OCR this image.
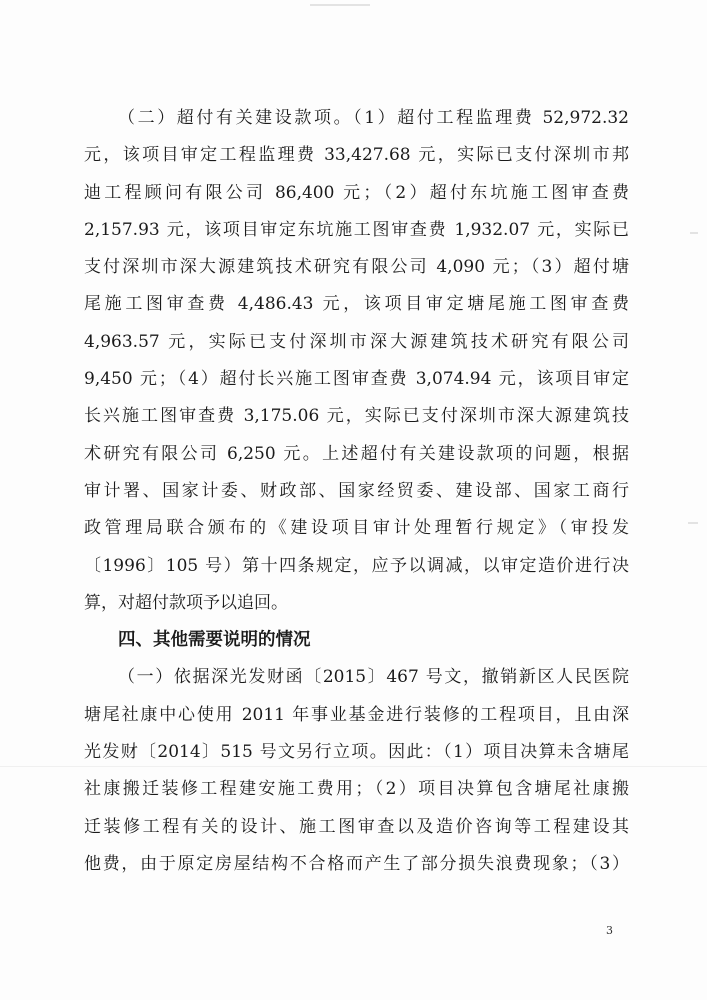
（二）超付有关建设款项。（1）超付工程监理费 52,972.32
元，该项目审定工程监理费 33,427.68 元，实际已支付深圳市邦
迪工程顾问有限公司 86,400 元；（2）超付东坑施工图审查费
2,157.93 元，该项目审定东坑施工图审查费 1,932.07 元，实际已
支付深圳市深大源建筑技术研究有限公司 4,090 元；（3）超付塘
尾施工图审查费 4,486.43 元，该项目审定塘尾施工图审查费
4,963.57 元，实际已支付深圳市深大源建筑技术研究有限公司
9,450 元；（4）超付长兴施工图审查费 3,074.94 元，该项目审定
长兴施工图审查费 3,175.06 元，实际已支付深圳市深大源建筑技
术研究有限公司 6,250 元。上述超付有关建设款项的问题，根据
审计署、国家计委、财政部、国家经贸委、建设部、国家工商行
政管理局联合颁布的《建设项目审计处理暂行规定》（审投发
〔1996〕105 号）第十四条规定，应予以调减，以审定造价进行决
算，对超付款项予以追回。
四、其他需要说明的情况
（一）依据深光发财函〔2015〕467 号文，撤销新区人民医院
塘尾社康中心使用 2011 年事业基金进行装修的工程项目，且由深
光发财〔2014〕515 号文另行立项。因此：（1）项目决算未含塘尾
社康搬迁装修工程建安施工费用；（2）项目决算包含塘尾社康搬
迁装修工程有关的设计、施工图审查以及造价咨询等工程建设其
他费，由于原定房屋结构不合格而产生了部分损失浪费现象；（3）
3
